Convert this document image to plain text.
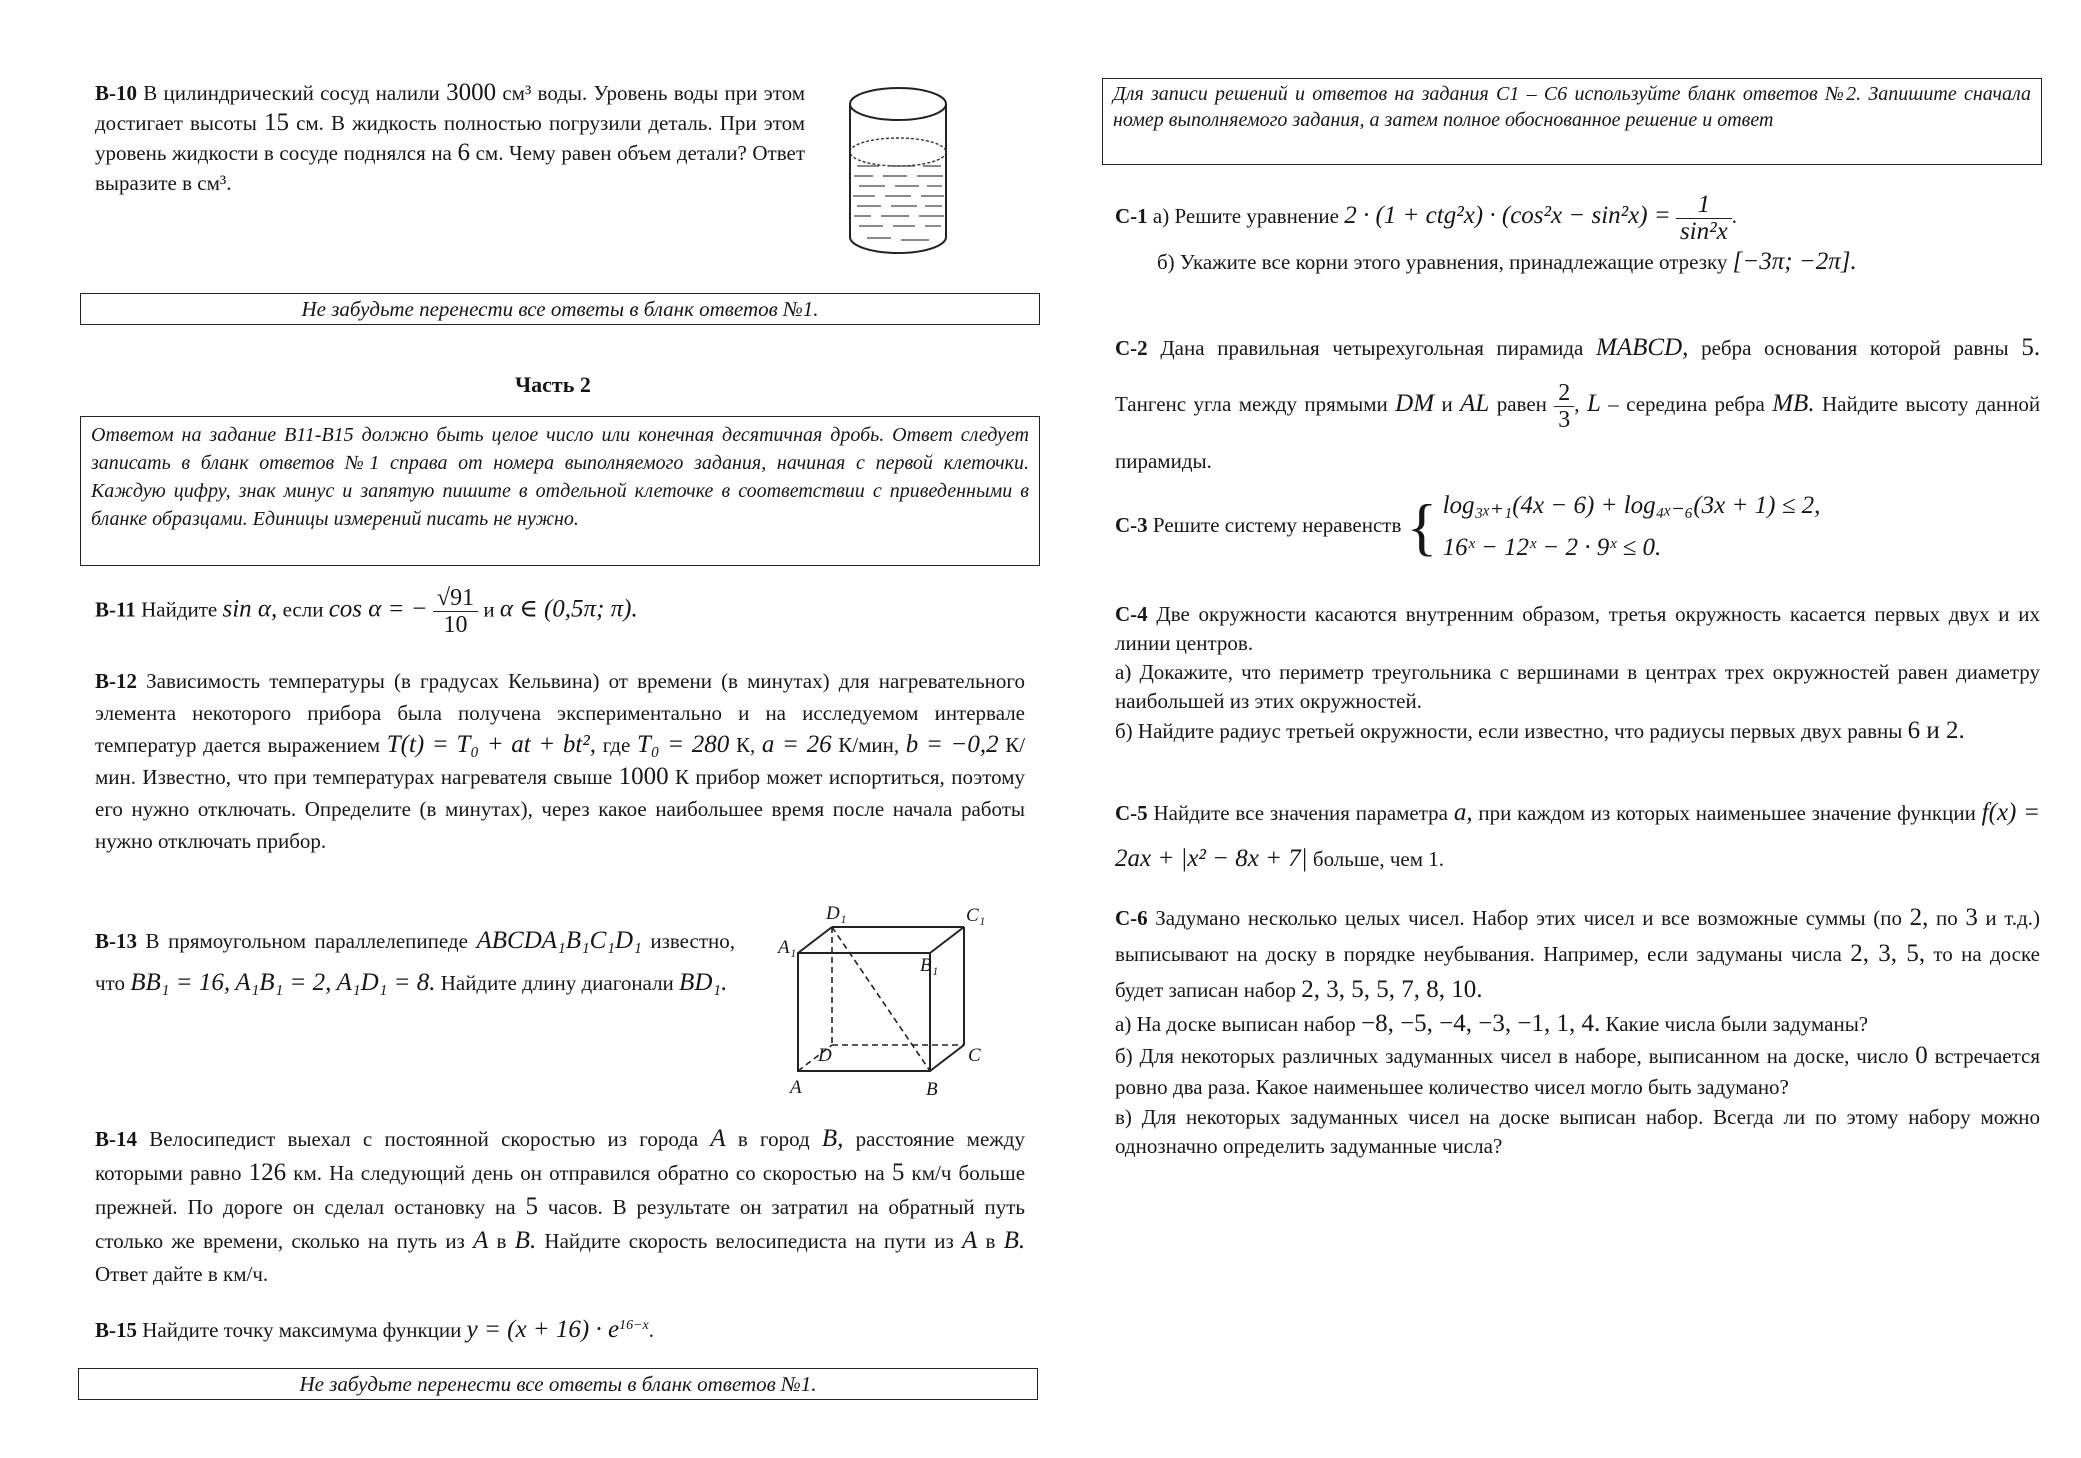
В-10 В цилиндрический сосуд налили 3000 см³ воды. Уровень воды при этом достигает высоты 15 см. В жидкость полностью погрузили деталь. При этом уровень жидкости в сосуде поднялся на 6 см. Чему равен объем детали? Ответ выразите в см³.

Не забудьте перенести все ответы в бланк ответов №1.
Часть 2
Ответом на задание В11-В15 должно быть целое число или конечная десятичная дробь. Ответ следует записать в бланк ответов №1 справа от номера выполняемого задания, начиная с первой клеточки. Каждую цифру, знак минус и запятую пишите в отдельной клеточке в соответствии с приведенными в бланке образцами. Единицы измерений писать не нужно.
В-11 Найдите sin α, если cos α = − $\frac{√91}{10}$ и α ∈ (0,5π; π).

В-12 Зависимость температуры (в градусах Кельвина) от времени (в минутах) для нагревательного элемента некоторого прибора была получена экспериментально и на исследуемом интервале температур дается выражением T(t) = T₀ + at + bt², где T₀ = 280 К, a = 26 К/мин, b = −0,2 К/мин. Известно, что при температурах нагревателя свыше 1000 К прибор может испортиться, поэтому его нужно отключать. Определите (в минутах), через какое наибольшее время после начала работы нужно отключать прибор.

В-13 В прямоугольном параллелепипеде ABCDA₁B₁C₁D₁ известно, что BB₁ = 16, A₁B₁ = 2, A₁D₁ = 8. Найдите длину диагонали BD₁.

D₁	C₁
A₁
B₁
D	C
A	B

В-14 Велосипедист выехал с постоянной скоростью из города A в город B, расстояние между которыми равно 126 км. На следующий день он отправился обратно со скоростью на 5 км/ч больше прежней. По дороге он сделал остановку на 5 часов. В результате он затратил на обратный путь столько же времени, сколько на путь из A в B. Найдите скорость велосипедиста на пути из A в B. Ответ дайте в км/ч.

В-15 Найдите точку максимума функции $y = (x + 16) \cdot e^{16-x}$.
Не забудьте перенести все ответы в бланк ответов №1.
Для записи решений и ответов на задания С1 – С6 используйте бланк ответов №2. Запишите сначала номер выполняемого задания, а затем полное обоснованное решение и ответ
С-1 а) Решите уравнение $2 \cdot (1 + ctg^2x) \cdot (\cos^2x - \sin^2x) = \frac{1}{\text{sin²x}}$ .
б) Укажите все корни этого уравнения, принадлежащие отрезку [−3π; −2π].

С-2 Дана правильная четырехугольная пирамида MABCD, ребра основания которой равны 5. Тангенс угла между прямыми DM и AL равен $\frac{2}{3}$ , L – середина ребра MB. Найдите высоту данной пирамиды.

С-3 Решите систему неравенств { log₃ₓ₊₁(4x − 6) + log₄ₓ₋₆(3x + 1) ≤ 2,
16ˣ − 12ˣ − 2 · 9ˣ ≤ 0.
С-4 Две окружности касаются внутренним образом, третья окружность касается первых двух и их линии центров.
а) Докажите, что периметр треугольника с вершинами в центрах трех окружностей равен диаметру наибольшей из этих окружностей.
б) Найдите радиус третьей окружности, если известно, что радиусы первых двух равны 6 и 2.

С-5 Найдите все значения параметра a, при каждом из которых наименьшее значение функции f(x) = 2ax + |x² − 8x + 7| больше, чем 1.

С-6 Задумано несколько целых чисел. Набор этих чисел и все возможные суммы (по 2, по 3 и т.д.) выписывают на доску в порядке неубывания. Например, если задуманы числа 2, 3, 5, то на доске будет записан набор 2, 3, 5, 5, 7, 8, 10.

а) На доске выписан набор −8, −5, −4, −3, −1, 1, 4. Какие числа были задуманы?

б) Для некоторых различных задуманных чисел в наборе, выписанном на доске, число 0 встречается ровно два раза. Какое наименьшее количество чисел могло быть задумано?

в) Для некоторых задуманных чисел на доске выписан набор. Всегда ли по этому набору можно однозначно определить задуманные числа?
